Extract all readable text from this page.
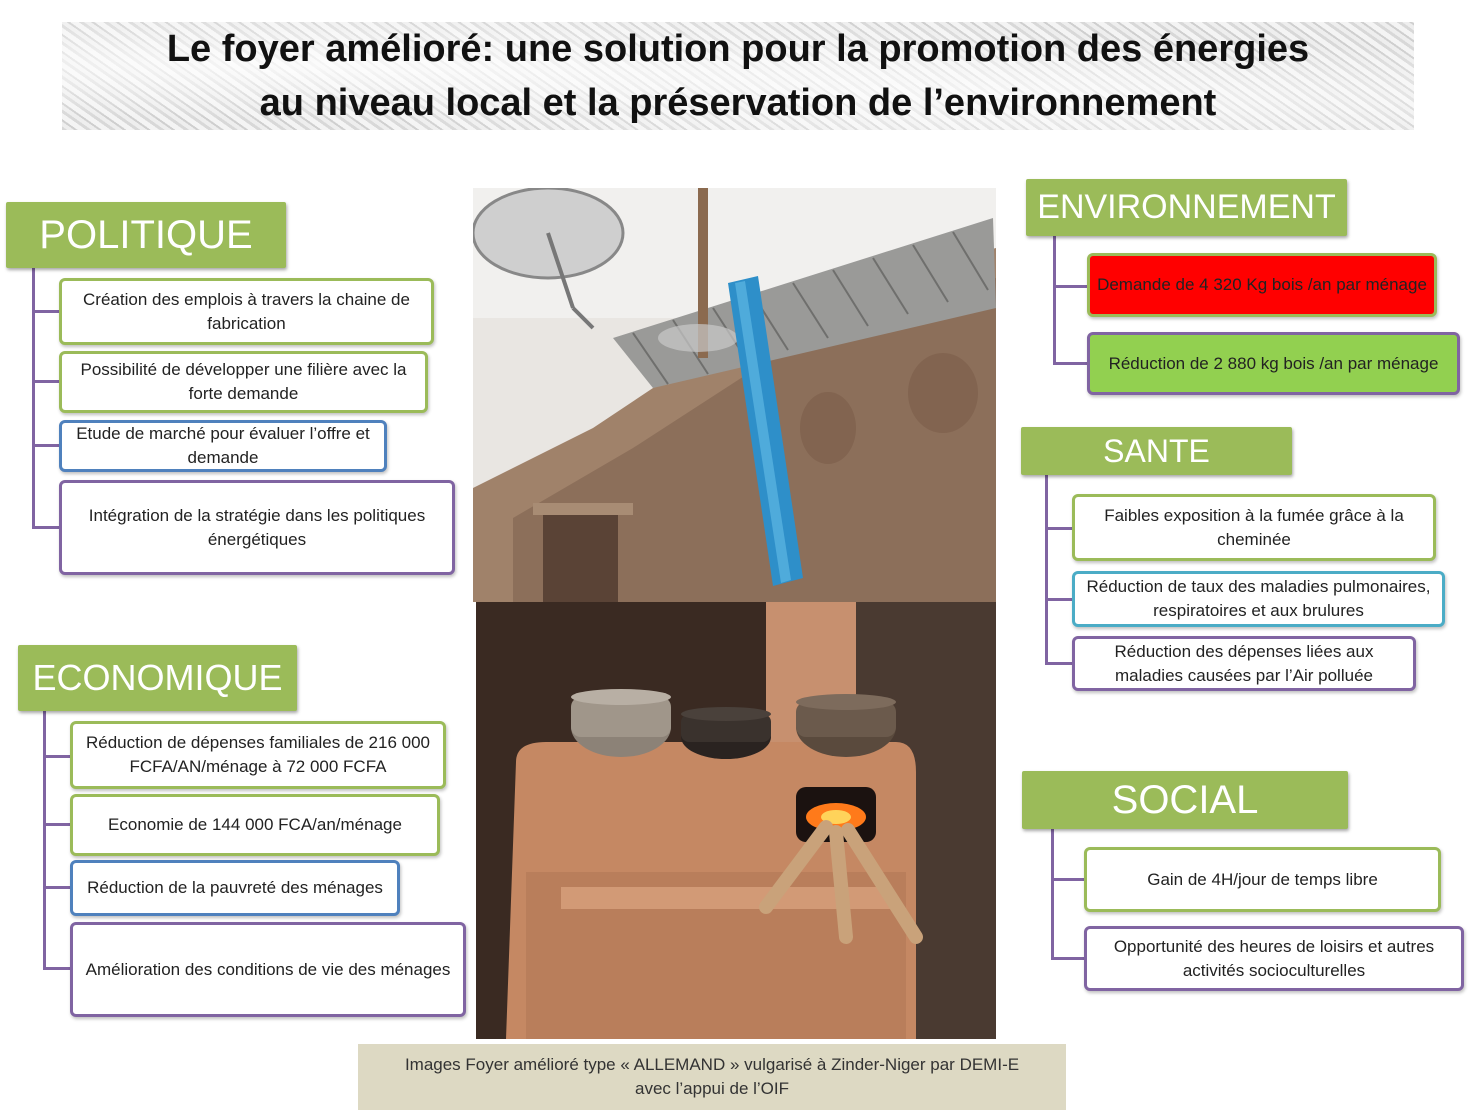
Le foyer amélioré: une solution pour la promotion des énergies
au niveau local et la préservation de l’environnement
POLITIQUE
Création des emplois à travers la chaine de fabrication
Possibilité de développer une filière avec la forte demande
Etude de marché pour évaluer l’offre et demande
Intégration de la stratégie dans les politiques énergétiques
ECONOMIQUE
Réduction de dépenses familiales de 216 000 FCFA/AN/ménage à 72 000 FCFA
Economie de 144 000 FCA/an/ménage
Réduction de la pauvreté des ménages
Amélioration des conditions de vie des ménages
ENVIRONNEMENT
Demande de 4 320 Kg bois /an par ménage
Réduction de 2 880 kg bois /an par ménage
SANTE
Faibles exposition à la fumée grâce à la cheminée
Réduction de taux des maladies pulmonaires, respiratoires et aux brulures
Réduction des dépenses liées aux maladies causées par l’Air polluée
SOCIAL
Gain de 4H/jour de temps libre
Opportunité des heures de loisirs et autres activités socioculturelles
Images Foyer amélioré type « ALLEMAND » vulgarisé à Zinder-Niger par DEMI-E
avec l’appui de l’OIF
